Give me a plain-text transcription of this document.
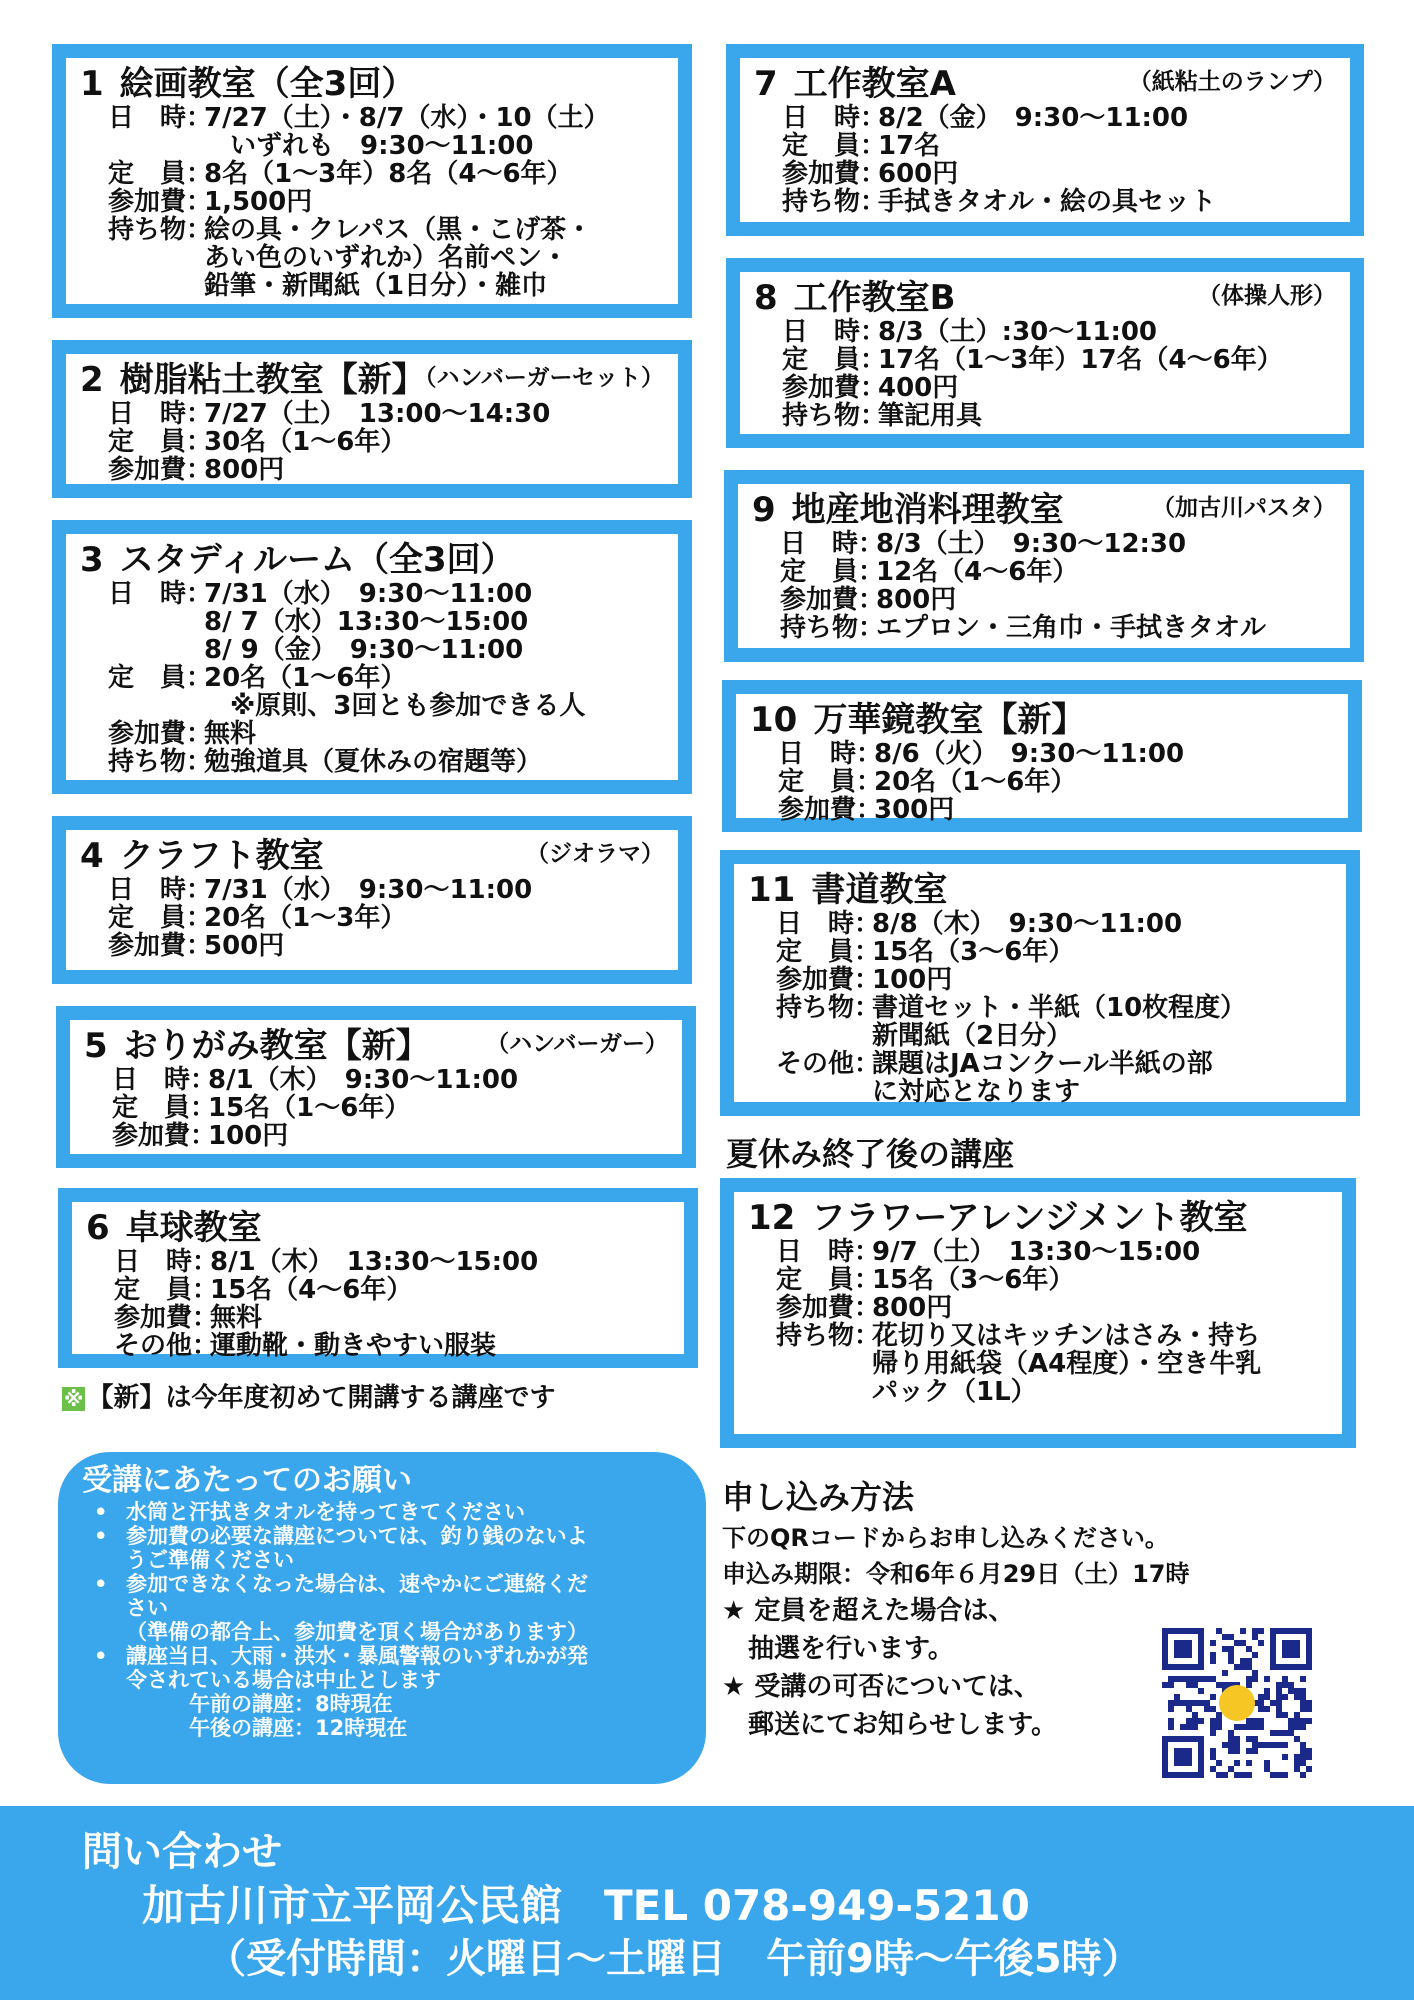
1 絵画教室（全3回）
日　時：
7/27（土）・8/7（水）・10（土）
　いずれも　9:30〜11:00
定　員：
8名（1〜3年）8名（4〜6年）
参加費：
1,500円
持ち物：
絵の具・クレパス（黒・こげ茶・
あい色のいずれか）名前ペン・
鉛筆・新聞紙（1日分）・雑巾
2 樹脂粘土教室【新】
（ハンバーガーセット）
日　時：
7/27（土）　13:00〜14:30
定　員：
30名（1〜6年）
参加費：
800円
3 スタディルーム（全3回）
日　時：
7/31（水）　9:30〜11:00
8/ 7（水）13:30〜15:00
8/ 9（金）　9:30〜11:00
定　員：
20名（1〜6年）
　※原則、3回とも参加できる人
参加費：
無料
持ち物：
勉強道具（夏休みの宿題等）
4 クラフト教室	（ジオラマ）
日　時：
7/31（水）　9:30〜11:00
定　員：
20名（1〜3年）
参加費：
500円
5 おりがみ教室【新】 （ハンバーガー）
日　時：
8/1（木）　9:30〜11:00
定　員：
15名（1〜6年）
参加費：
100円
6 卓球教室
日　時：
8/1（木）　13:30〜15:00
定　員：
15名（4〜6年）
参加費：
無料
その他：
運動靴・動きやすい服装
7 工作教室A	（紙粘土のランプ）
日　時：
8/2（金）　9:30〜11:00
定　員：
17名
参加費：
600円
持ち物：
手拭きタオル・絵の具セット
8 工作教室B	（体操人形）
日　時：
8/3（土）:30〜11:00
定　員：
17名（1〜3年）17名（4〜6年）
参加費：
400円
持ち物：
筆記用具
9 地産地消料理教室	（加古川パスタ）
日　時：
8/3（土）　9:30〜12:30
定　員：
12名（4〜6年）
参加費：
800円
持ち物：
エプロン・三角巾・手拭きタオル
10 万華鏡教室【新】
日　時：
8/6（火）　9:30〜11:00
定　員：
20名（1〜6年）
参加費：
300円
11 書道教室
日　時：
8/8（木）　9:30〜11:00
定　員：
15名（3〜6年）
参加費：
100円
持ち物：
書道セット・半紙（10枚程度）
新聞紙（2日分）
その他：
課題はJAコンクール半紙の部
に対応となります
夏休み終了後の講座
12 フラワーアレンジメント教室
日　時：
9/7（土）　13:30〜15:00
定　員：
15名（3〜6年）
参加費：
800円
持ち物：
花切り又はキッチンはさみ・持ち
帰り用紙袋（A4程度）・空き牛乳
パック（1L）
※ 【新】は今年度初めて開講する講座です
受講にあたってのお願い
• 水筒と汗拭きタオルを持ってきてください
• 参加費の必要な講座については、釣り銭のないよ
うご準備ください
• 参加できなくなった場合は、速やかにご連絡くだ
さい
（準備の都合上、参加費を頂く場合があります）
• 講座当日、大雨・洪水・暴風警報のいずれかが発
令されている場合は中止とします
　　　午前の講座：8時現在
　　　午後の講座：12時現在
申し込み方法
下のQRコードからお申し込みください。
申込み期限：令和6年６月29日（土）17時
★ 定員を超えた場合は、
　抽選を行います。
★ 受講の可否については、
　郵送にてお知らせします。
問い合わせ
加古川市立平岡公民館　TEL 078-949-5210
（受付時間：火曜日〜土曜日　午前9時〜午後5時）
